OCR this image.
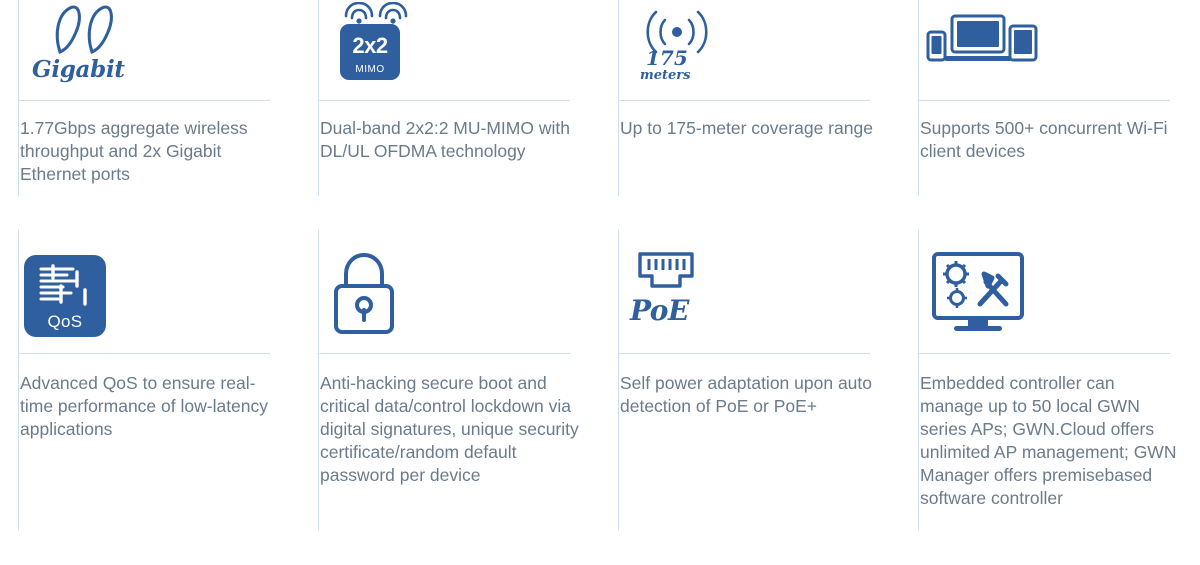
Gigabit
1.77Gbps aggregate wireless throughput and 2x Gigabit Ethernet ports
2x2
MIMO
Dual-band 2x2:2 MU-MIMO with DL/UL OFDMA technology
175
meters
Up to 175-meter coverage range	Supports 500+ concurrent Wi-Fi client devices
QoS
Advanced QoS to ensure real-time performance of low-latency applications
Anti-hacking secure boot and critical data/control lockdown via digital signatures, unique security certificate/random default password per device
PoE
Self power adaptation upon auto detection of PoE or PoE+
Embedded controller can manage up to 50 local GWN series APs; GWN.Cloud offers unlimited AP management; GWN Manager offers premisebased software controller
